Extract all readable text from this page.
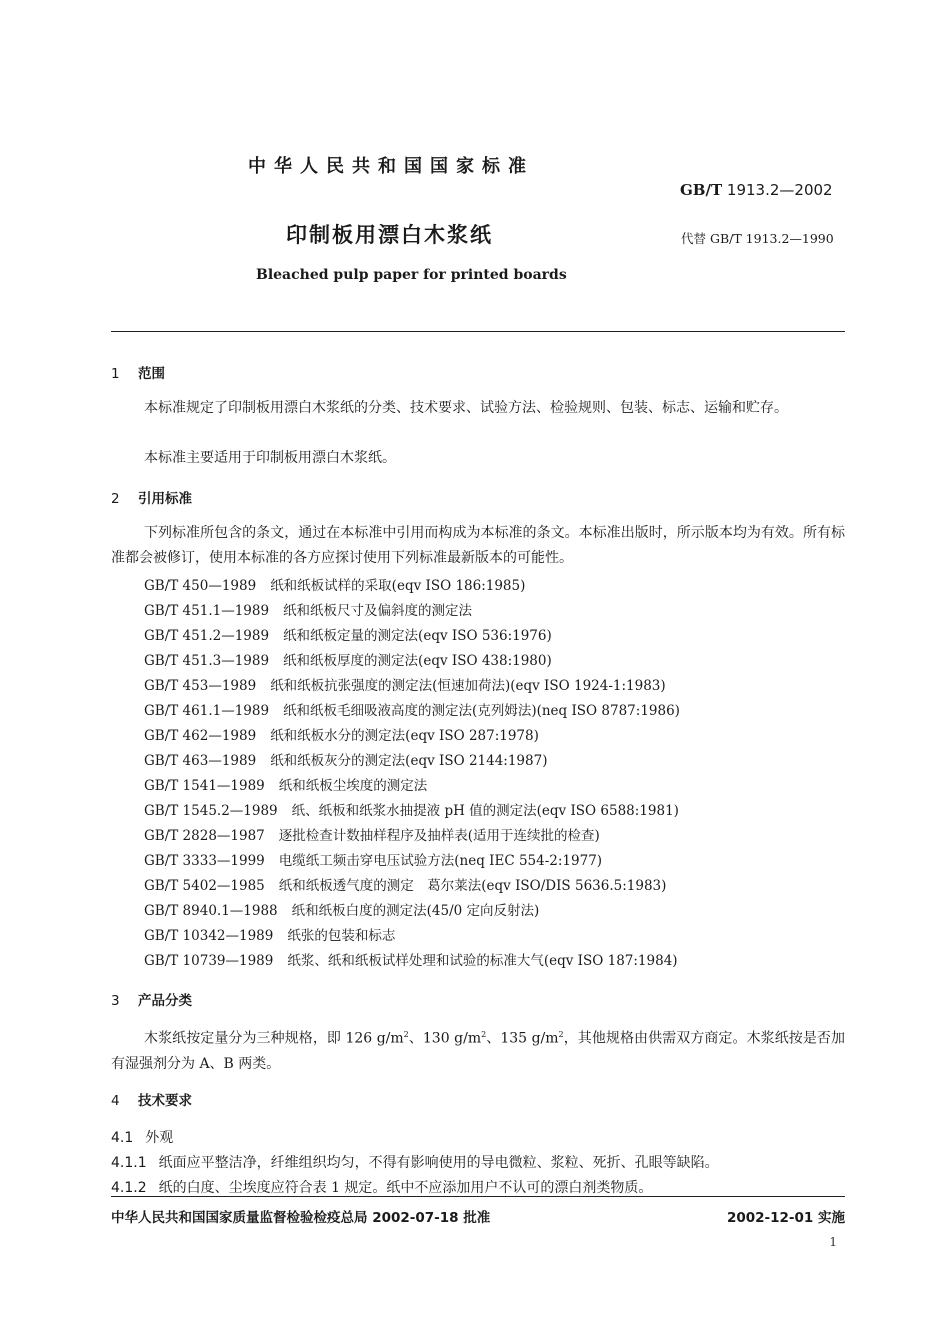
中华人民共和国国家标准
GB/T 1913.2—2002
印制板用漂白木浆纸	代替 GB/T 1913.2—1990
Bleached pulp paper for printed boards
1 范围
本标准规定了印制板用漂白木浆纸的分类、技术要求、试验方法、检验规则、包装、标志、运输和贮存。
本标准主要适用于印制板用漂白木浆纸。
2 引用标准
下列标准所包含的条文，通过在本标准中引用而构成为本标准的条文。本标准出版时，所示版本均为有效。所有标准都会被修订，使用本标准的各方应探讨使用下列标准最新版本的可能性。
GB/T 450—1989 纸和纸板试样的采取(eqv ISO 186:1985)
GB/T 451.1—1989 纸和纸板尺寸及偏斜度的测定法
GB/T 451.2—1989 纸和纸板定量的测定法(eqv ISO 536:1976)
GB/T 451.3—1989 纸和纸板厚度的测定法(eqv ISO 438:1980)
GB/T 453—1989 纸和纸板抗张强度的测定法(恒速加荷法)(eqv ISO 1924-1:1983)
GB/T 461.1—1989 纸和纸板毛细吸液高度的测定法(克列姆法)(neq ISO 8787:1986)
GB/T 462—1989 纸和纸板水分的测定法(eqv ISO 287:1978)
GB/T 463—1989 纸和纸板灰分的测定法(eqv ISO 2144:1987)
GB/T 1541—1989 纸和纸板尘埃度的测定法
GB/T 1545.2—1989 纸、纸板和纸浆水抽提液 pH 值的测定法(eqv ISO 6588:1981)
GB/T 2828—1987 逐批检查计数抽样程序及抽样表(适用于连续批的检查)
GB/T 3333—1999 电缆纸工频击穿电压试验方法(neq IEC 554-2:1977)
GB/T 5402—1985 纸和纸板透气度的测定　葛尔莱法(eqv ISO/DIS 5636.5:1983)
GB/T 8940.1—1988 纸和纸板白度的测定法(45/0 定向反射法)
GB/T 10342—1989 纸张的包装和标志
GB/T 10739—1989 纸浆、纸和纸板试样处理和试验的标准大气(eqv ISO 187:1984)
3 产品分类
木浆纸按定量分为三种规格，即 126 $g/m^2$、130 $g/m^2$、135 $g/m^2$，其他规格由供需双方商定。木浆纸按是否加有湿强剂分为 A、B 两类。
4 技术要求
4.1 外观
4.1.1 纸面应平整洁净，纤维组织均匀，不得有影响使用的导电微粒、浆粒、死折、孔眼等缺陷。
4.1.2 纸的白度、尘埃度应符合表 1 规定。纸中不应添加用户不认可的漂白剂类物质。
中华人民共和国国家质量监督检验检疫总局 2002-07-18 批准	2002-12-01 实施
1
